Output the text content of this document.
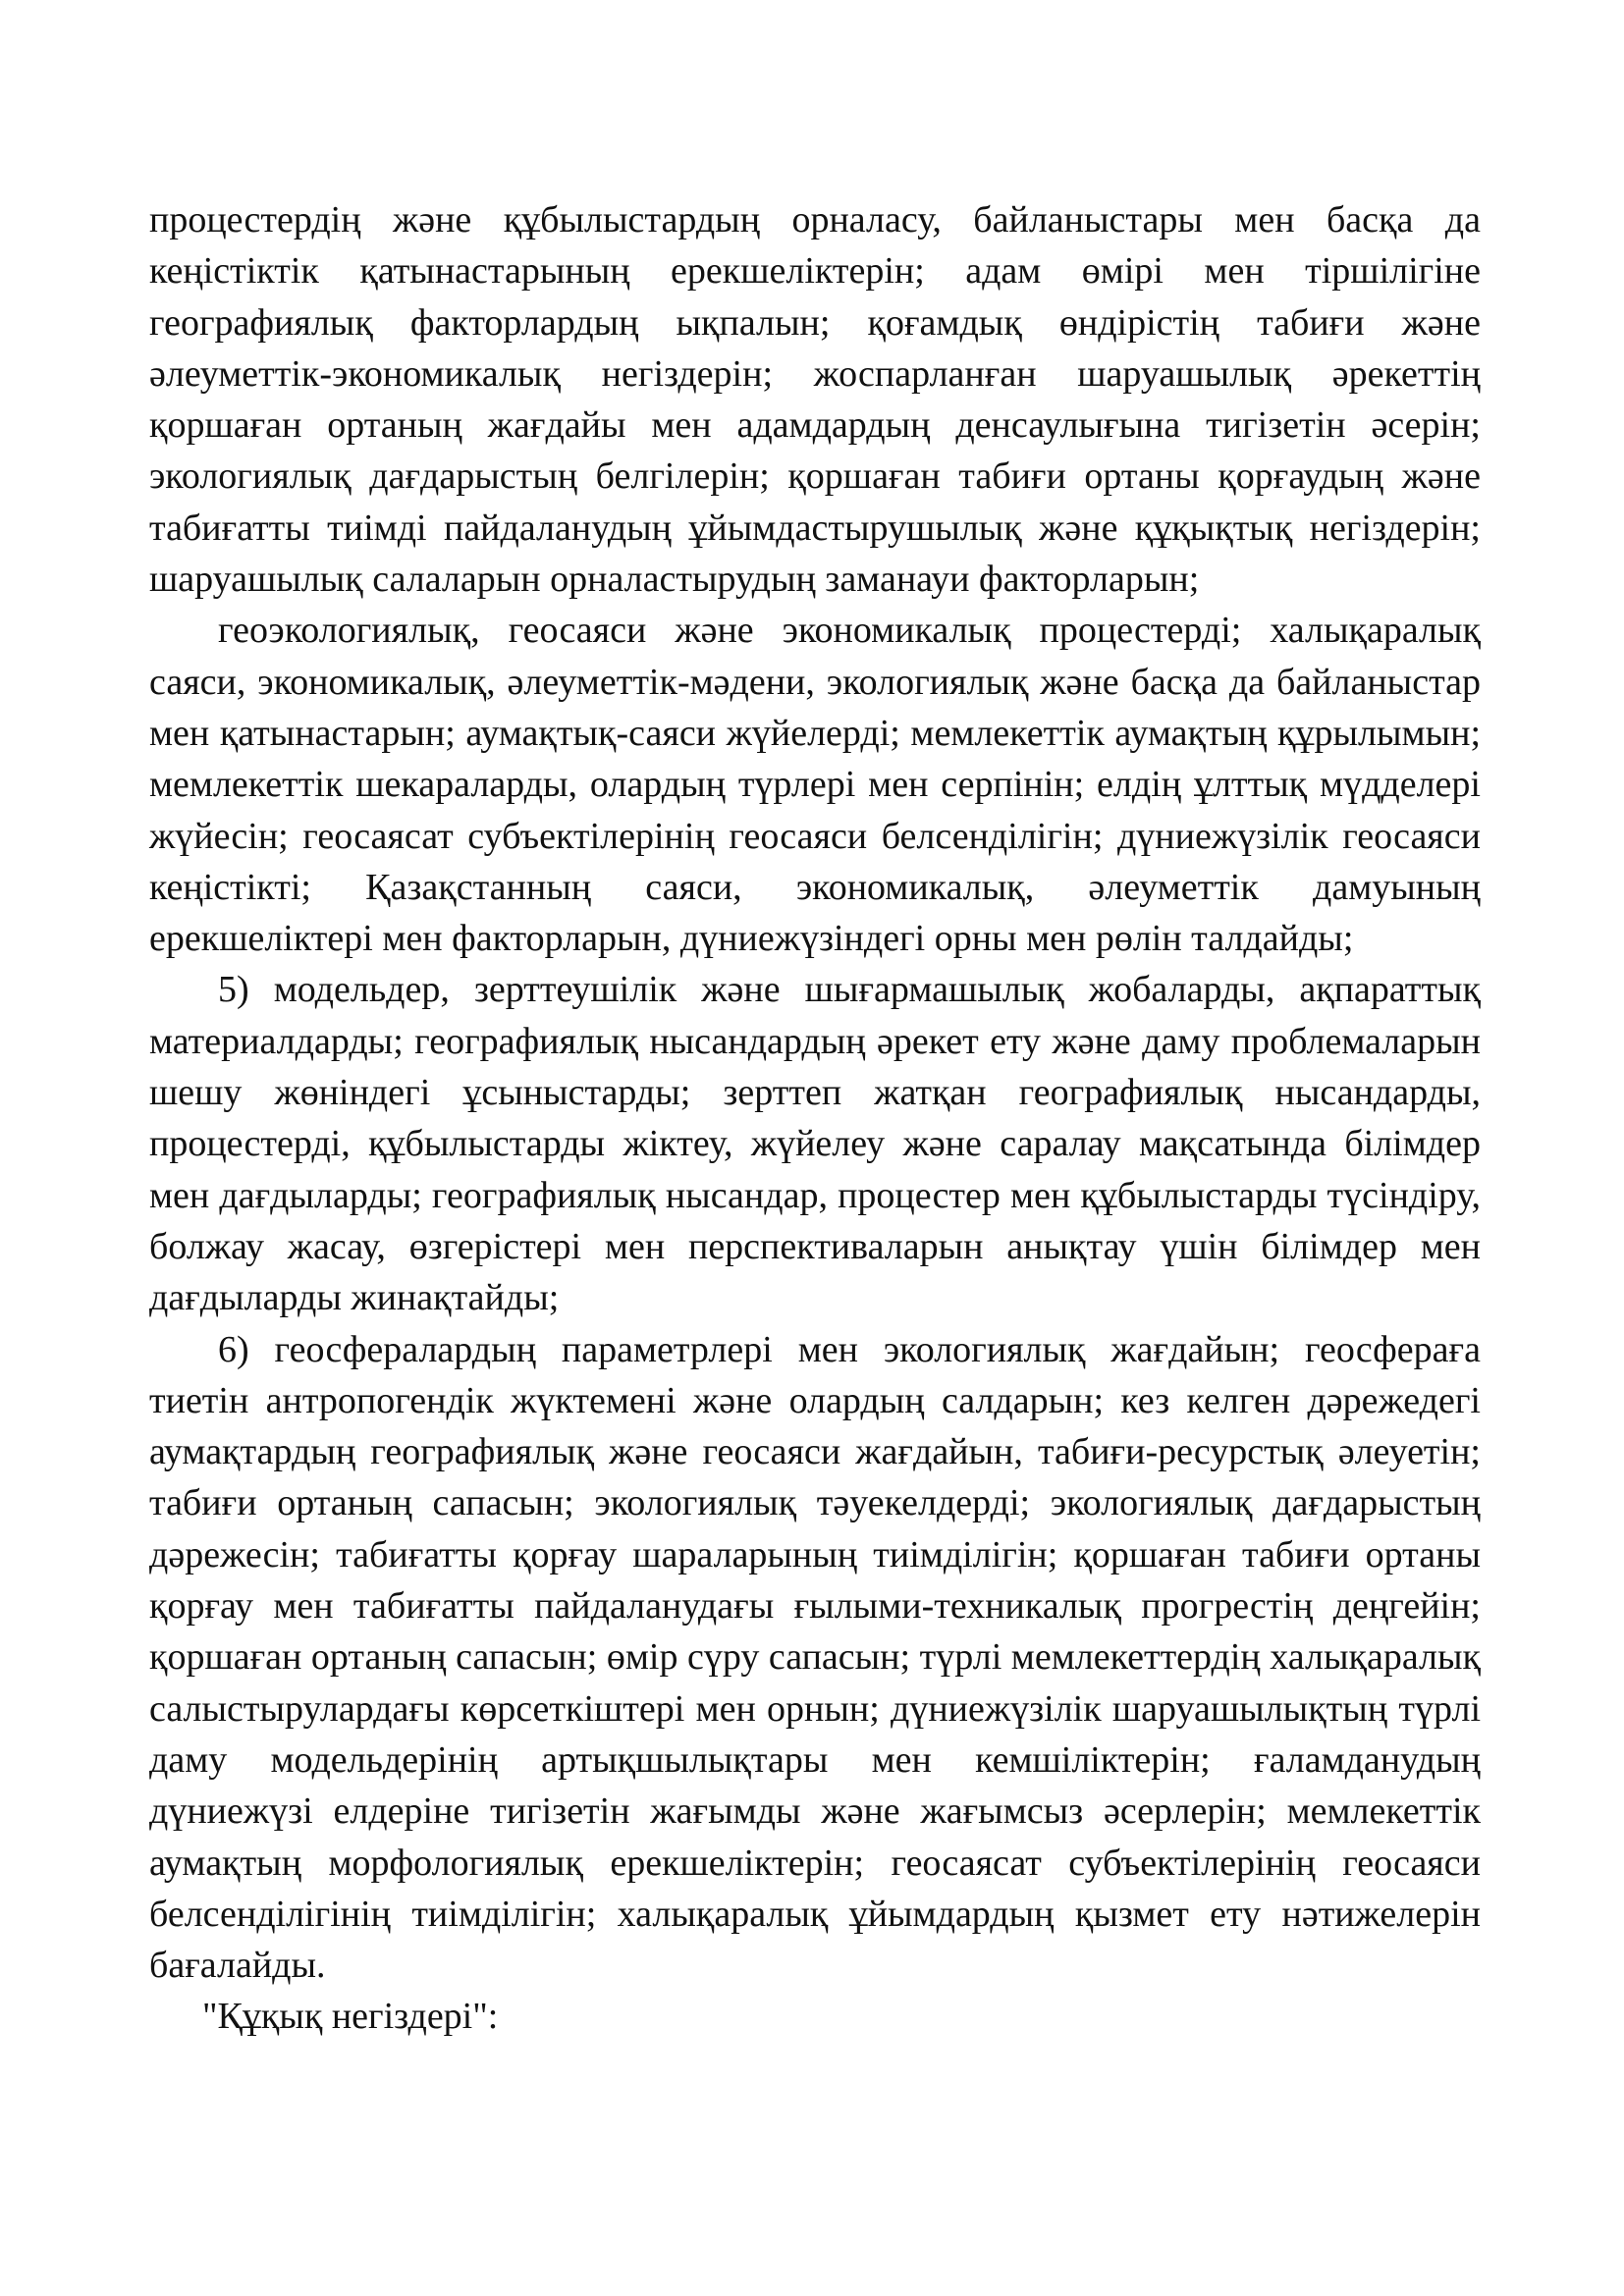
процестердің және құбылыстардың орналасу, байланыстары мен басқа да кеңістіктік қатынастарының ерекшеліктерін; адам өмірі мен тіршілігіне географиялық факторлардың ықпалын; қоғамдық өндірістің табиғи және әлеуметтік-экономикалық негіздерін; жоспарланған шаруашылық әрекеттің қоршаған ортаның жағдайы мен адамдардың денсаулығына тигізетін әсерін; экологиялық дағдарыстың белгілерін; қоршаған табиғи ортаны қорғаудың және табиғатты тиімді пайдаланудың ұйымдастырушылық және құқықтық негіздерін; шаруашылық салаларын орналастырудың заманауи факторларын;

геоэкологиялық, геосаяси және экономикалық процестерді; халықаралық саяси, экономикалық, әлеуметтік-мәдени, экологиялық және басқа да байланыстар мен қатынастарын; аумақтық-саяси жүйелерді; мемлекеттік аумақтың құрылымын; мемлекеттік шекараларды, олардың түрлері мен серпінін; елдің ұлттық мүдделері жүйесін; геосаясат субъектілерінің геосаяси белсенділігін; дүниежүзілік геосаяси кеңістікті; Қазақстанның саяси, экономикалық, әлеуметтік дамуының ерекшеліктері мен факторларын, дүниежүзіндегі орны мен рөлін талдайды;

5) модельдер, зерттеушілік және шығармашылық жобаларды, ақпараттық материалдарды; географиялық нысандардың әрекет ету және даму проблемаларын шешу жөніндегі ұсыныстарды; зерттеп жатқан географиялық нысандарды, процестерді, құбылыстарды жіктеу, жүйелеу және саралау мақсатында білімдер мен дағдыларды; географиялық нысандар, процестер мен құбылыстарды түсіндіру, болжау жасау, өзгерістері мен перспективаларын анықтау үшін білімдер мен дағдыларды жинақтайды;

6) геосфералардың параметрлері мен экологиялық жағдайын; геосфераға тиетін антропогендік жүктемені және олардың салдарын; кез келген дәрежедегі аумақтардың географиялық және геосаяси жағдайын, табиғи-ресурстық әлеуетін; табиғи ортаның сапасын; экологиялық тәуекелдерді; экологиялық дағдарыстың дәрежесін; табиғатты қорғау шараларының тиімділігін; қоршаған табиғи ортаны қорғау мен табиғатты пайдаланудағы ғылыми-техникалық прогрестің деңгейін; қоршаған ортаның сапасын; өмір сүру сапасын; түрлі мемлекеттердің халықаралық салыстырулардағы көрсеткіштері мен орнын; дүниежүзілік шаруашылықтың түрлі даму модельдерінің артықшылықтары мен кемшіліктерін; ғаламданудың дүниежүзі елдеріне тигізетін жағымды және жағымсыз әсерлерін; мемлекеттік аумақтың морфологиялық ерекшеліктерін; геосаясат субъектілерінің геосаяси белсенділігінің тиімділігін; халықаралық ұйымдардың қызмет ету нәтижелерін бағалайды.

"Құқық негіздері":
